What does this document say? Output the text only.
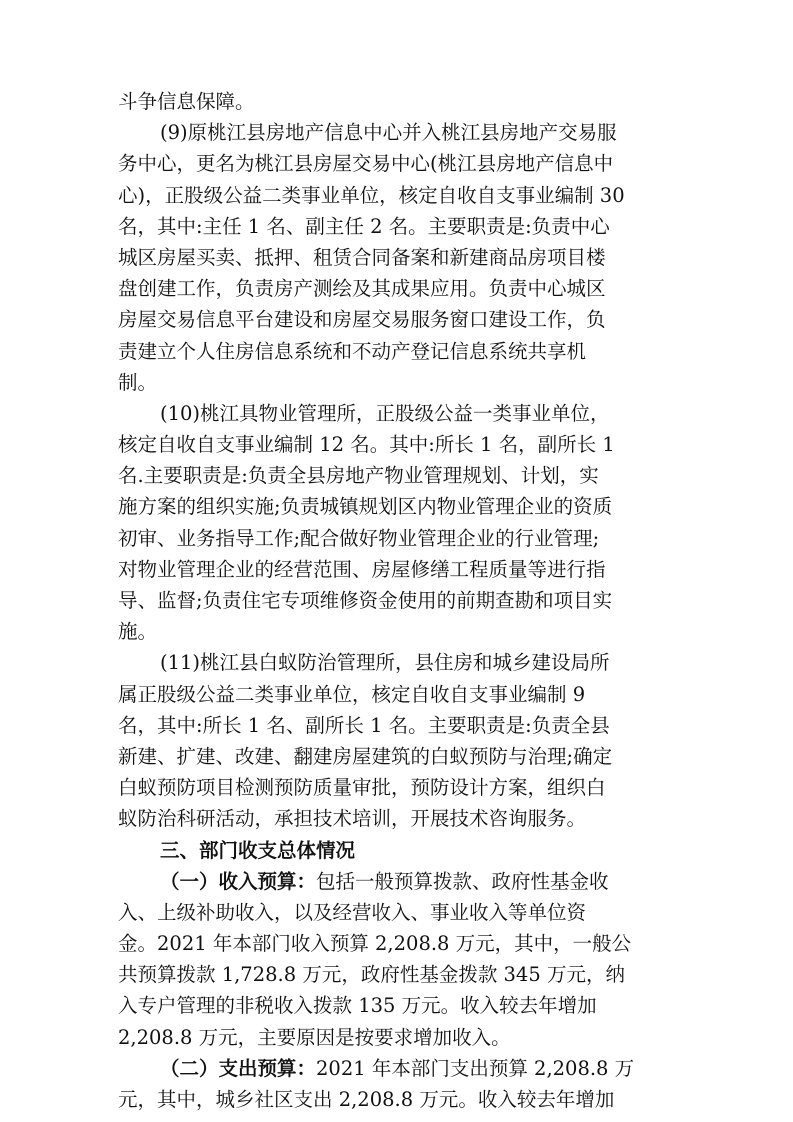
斗争信息保障。
(9)原桃江县房地产信息中心并入桃江县房地产交易服
务中心，更名为桃江县房屋交易中心(桃江县房地产信息中
心)，正股级公益二类事业单位，核定自收自支事业编制 30
名，其中:主任 1 名、副主任 2 名。主要职责是:负责中心
城区房屋买卖、抵押、租赁合同备案和新建商品房项目楼
盘创建工作，负责房产测绘及其成果应用。负责中心城区
房屋交易信息平台建设和房屋交易服务窗口建设工作，负
责建立个人住房信息系统和不动产登记信息系统共享机
制。
(10)桃江具物业管理所，正股级公益一类事业单位，
核定自收自支事业编制 12 名。其中:所长 1 名，副所长 1
名.主要职责是:负责全县房地产物业管理规划、计划，实
施方案的组织实施;负责城镇规划区内物业管理企业的资质
初审、业务指导工作;配合做好物业管理企业的行业管理;
对物业管理企业的经营范围、房屋修缮工程质量等进行指
导、监督;负责住宅专项维修资金使用的前期查勘和项目实
施。
(11)桃江县白蚁防治管理所，县住房和城乡建设局所
属正股级公益二类事业单位，核定自收自支事业编制 9
名，其中:所长 1 名、副所长 1 名。主要职责是:负责全县
新建、扩建、改建、翻建房屋建筑的白蚁预防与治理;确定
白蚁预防项目检测预防质量审批，预防设计方案，组织白
蚁防治科研活动，承担技术培训，开展技术咨询服务。
三、部门收支总体情况
（一）收入预算：包括一般预算拨款、政府性基金收
入、上级补助收入，以及经营收入、事业收入等单位资
金。2021 年本部门收入预算 2,208.8 万元，其中，一般公
共预算拨款 1,728.8 万元，政府性基金拨款 345 万元，纳
入专户管理的非税收入拨款 135 万元。收入较去年增加
2,208.8 万元，主要原因是按要求增加收入。
（二）支出预算：2021 年本部门支出预算 2,208.8 万
元，其中，城乡社区支出 2,208.8 万元。收入较去年增加
